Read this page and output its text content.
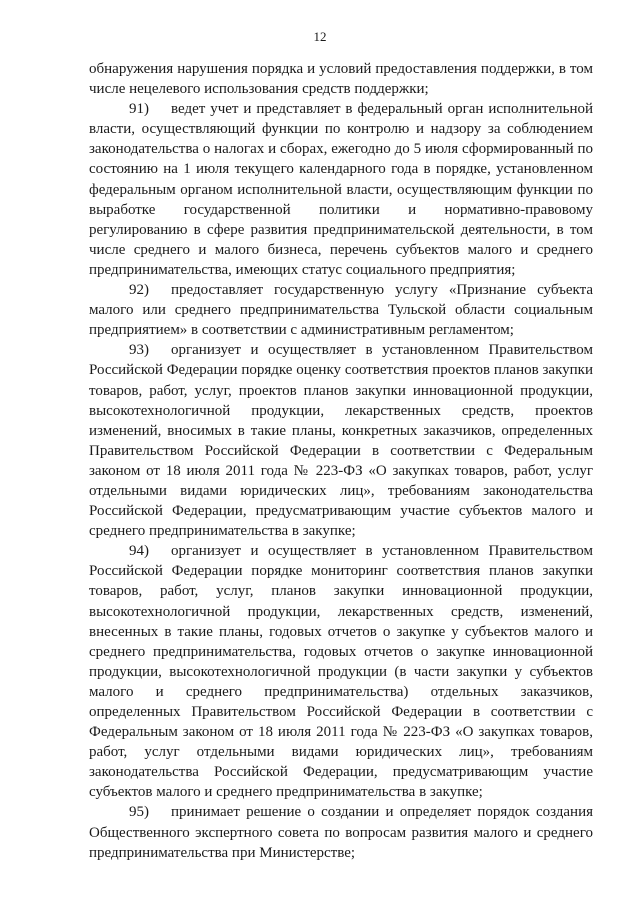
12

обнаружения нарушения порядка и условий предоставления поддержки, в том числе нецелевого использования средств поддержки;

91) ведет учет и представляет в федеральный орган исполнительной власти, осуществляющий функции по контролю и надзору за соблюдением законодательства о налогах и сборах, ежегодно до 5 июля сформированный по состоянию на 1 июля текущего календарного года в порядке, установленном федеральным органом исполнительной власти, осуществляющим функции по выработке государственной политики и нормативно-правовому регулированию в сфере развития предпринимательской деятельности, в том числе среднего и малого бизнеса, перечень субъектов малого и среднего предпринимательства, имеющих статус социального предприятия;

92) предоставляет государственную услугу «Признание субъекта малого или среднего предпринимательства Тульской области социальным предприятием» в соответствии с административным регламентом;

93) организует и осуществляет в установленном Правительством Российской Федерации порядке оценку соответствия проектов планов закупки товаров, работ, услуг, проектов планов закупки инновационной продукции, высокотехнологичной продукции, лекарственных средств, проектов изменений, вносимых в такие планы, конкретных заказчиков, определенных Правительством Российской Федерации в соответствии с Федеральным законом от 18 июля 2011 года № 223-ФЗ «О закупках товаров, работ, услуг отдельными видами юридических лиц», требованиям законодательства Российской Федерации, предусматривающим участие субъектов малого и среднего предпринимательства в закупке;

94) организует и осуществляет в установленном Правительством Российской Федерации порядке мониторинг соответствия планов закупки товаров, работ, услуг, планов закупки инновационной продукции, высокотехнологичной продукции, лекарственных средств, изменений, внесенных в такие планы, годовых отчетов о закупке у субъектов малого и среднего предпринимательства, годовых отчетов о закупке инновационной продукции, высокотехнологичной продукции (в части закупки у субъектов малого и среднего предпринимательства) отдельных заказчиков, определенных Правительством Российской Федерации в соответствии с Федеральным законом от 18 июля 2011 года № 223-ФЗ «О закупках товаров, работ, услуг отдельными видами юридических лиц», требованиям законодательства Российской Федерации, предусматривающим участие субъектов малого и среднего предпринимательства в закупке;

95) принимает решение о создании и определяет порядок создания Общественного экспертного совета по вопросам развития малого и среднего предпринимательства при Министерстве;
